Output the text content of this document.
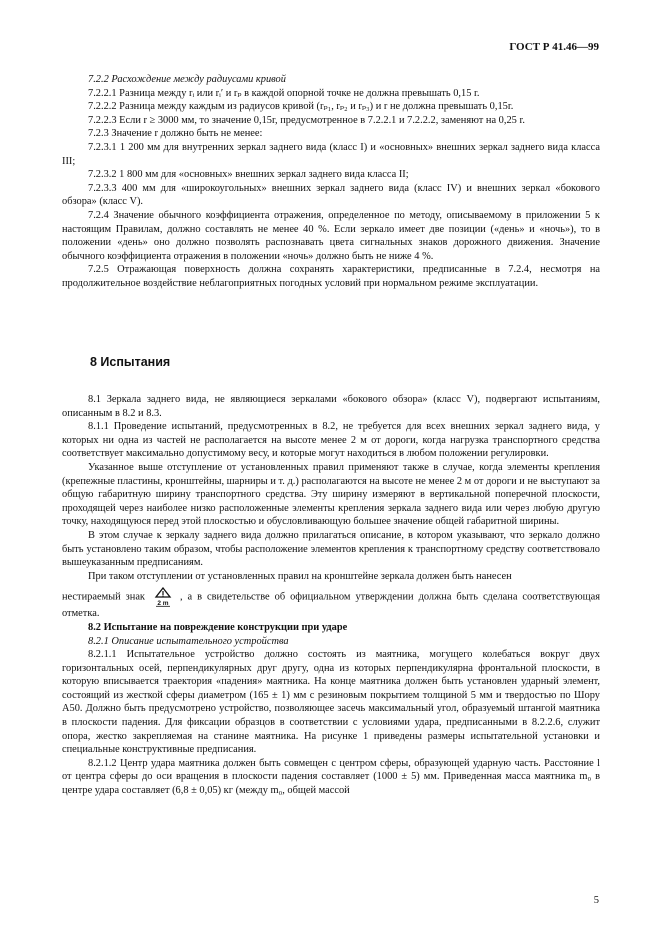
ГОСТ Р 41.46—99

7.2.2 Расхождение между радиусами кривой

7.2.2.1 Разница между rᵢ или rᵢ′ и rₚ в каждой опорной точке не должна превышать 0,15 r.

7.2.2.2 Разница между каждым из радиусов кривой (rₚ₁, rₚ₂ и rₚ₃) и r не должна превышать 0,15r.

7.2.2.3 Если r ≥ 3000 мм, то значение 0,15r, предусмотренное в 7.2.2.1 и 7.2.2.2, заменяют на 0,25 r.

7.2.3 Значение r должно быть не менее:

7.2.3.1 1 200 мм для внутренних зеркал заднего вида (класс I) и «основных» внешних зеркал заднего вида класса III;

7.2.3.2 1 800 мм для «основных» внешних зеркал заднего вида класса II;

7.2.3.3 400 мм для «широкоугольных» внешних зеркал заднего вида (класс IV) и внешних зеркал «бокового обзора» (класс V).

7.2.4 Значение обычного коэффициента отражения, определенное по методу, описываемому в приложении 5 к настоящим Правилам, должно составлять не менее 40 %. Если зеркало имеет две позиции («день» и «ночь»), то в положении «день» оно должно позволять распознавать цвета сигнальных знаков дорожного движения. Значение обычного коэффициента отражения в положении «ночь» должно быть не ниже 4 %.

7.2.5 Отражающая поверхность должна сохранять характеристики, предписанные в 7.2.4, несмотря на продолжительное воздействие неблагоприятных погодных условий при нормальном режиме эксплуатации.

8 Испытания

8.1 Зеркала заднего вида, не являющиеся зеркалами «бокового обзора» (класс V), подвергают испытаниям, описанным в 8.2 и 8.3.

8.1.1 Проведение испытаний, предусмотренных в 8.2, не требуется для всех внешних зеркал заднего вида, у которых ни одна из частей не располагается на высоте менее 2 м от дороги, когда нагрузка транспортного средства соответствует максимально допустимому весу, и которые могут находиться в любом положении регулировки.

Указанное выше отступление от установленных правил применяют также в случае, когда элементы крепления (крепежные пластины, кронштейны, шарниры и т. д.) располагаются на высоте не менее 2 м от дороги и не выступают за общую габаритную ширину транспортного средства. Эту ширину измеряют в вертикальной поперечной плоскости, проходящей через наиболее низко расположенные элементы крепления зеркала заднего вида или через любую другую точку, находящуюся перед этой плоскостью и обусловливающую большее значение общей габаритной ширины.

В этом случае к зеркалу заднего вида должно прилагаться описание, в котором указывают, что зеркало должно быть установлено таким образом, чтобы расположение элементов крепления к транспортному средству соответствовало вышеуказанным предписаниям.

При таком отступлении от установленных правил на кронштейне зеркала должен быть нанесен

нестираемый знак
2 m
, а в свидетельстве об официальном утверждении должна быть сделана соответствующая отметка.

8.2 Испытание на повреждение конструкции при ударе

8.2.1 Описание испытательного устройства

8.2.1.1 Испытательное устройство должно состоять из маятника, могущего колебаться вокруг двух горизонтальных осей, перпендикулярных друг другу, одна из которых перпендикулярна фронтальной плоскости, в которую вписывается траектория «падения» маятника. На конце маятника должен быть установлен ударный элемент, состоящий из жесткой сферы диаметром (165 ± 1) мм с резиновым покрытием толщиной 5 мм и твердостью по Шору А50. Должно быть предусмотрено устройство, позволяющее засечь максимальный угол, образуемый штангой маятника в плоскости падения. Для фиксации образцов в соответствии с условиями удара, предписанными в 8.2.2.6, служит опора, жестко закрепляемая на станине маятника. На рисунке 1 приведены размеры испытательной установки и специальные конструктивные предписания.

8.2.1.2 Центр удара маятника должен быть совмещен с центром сферы, образующей ударную часть. Расстояние l от центра сферы до оси вращения в плоскости падения составляет (1000 ± 5) мм. Приведенная масса маятника m₀ в центре удара составляет (6,8 ± 0,05) кг (между m₀, общей массой

5
